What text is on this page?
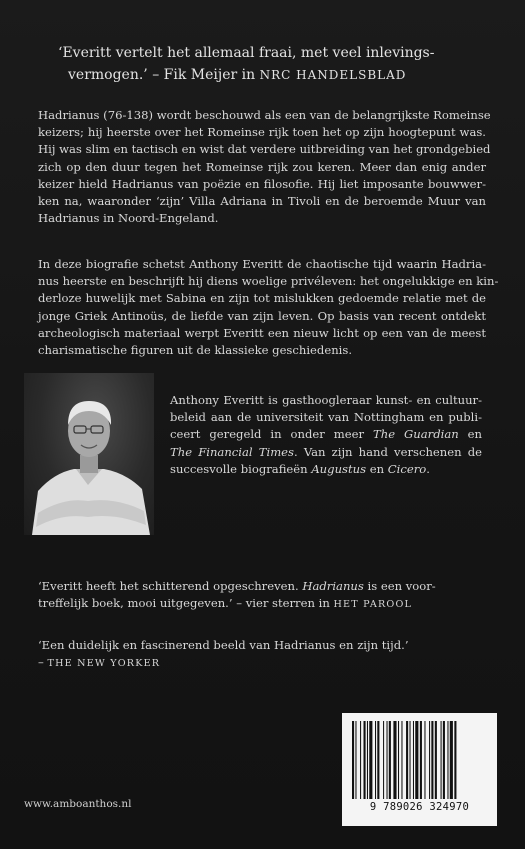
‘Everitt vertelt het allemaal fraai, met veel inlevings-
vermogen.’ – Fik Meijer in NRC HANDELSBLAD
Hadrianus (76-138) wordt beschouwd als een van de belangrijkste Romeinse
keizers; hij heerste over het Romeinse rijk toen het op zijn hoogtepunt was.
Hij was slim en tactisch en wist dat verdere uitbreiding van het grondgebied
zich op den duur tegen het Romeinse rijk zou keren. Meer dan enig ander
keizer hield Hadrianus van poëzie en filosofie. Hij liet imposante bouwwer-
ken na, waaronder ‘zijn’ Villa Adriana in Tivoli en de beroemde Muur van
Hadrianus in Noord-Engeland.
In deze biografie schetst Anthony Everitt de chaotische tijd waarin Hadria-
nus heerste en beschrijft hij diens woelige privéleven: het ongelukkige en kin-
derloze huwelijk met Sabina en zijn tot mislukken gedoemde relatie met de
jonge Griek Antinoüs, de liefde van zijn leven. Op basis van recent ontdekt
archeologisch materiaal werpt Everitt een nieuw licht op een van de meest
charismatische figuren uit de klassieke geschiedenis.
Anthony Everitt is gasthoogleraar kunst- en cultuur-
beleid aan de universiteit van Nottingham en publi-
ceert geregeld in onder meer The Guardian en
The Financial Times. Van zijn hand verschenen de
succesvolle biografieën Augustus en Cicero.
‘Everitt heeft het schitterend opgeschreven. Hadrianus is een voor-
treffelijk boek, mooi uitgegeven.’ – vier sterren in HET PAROOL
‘Een duidelijk en fascinerend beeld van Hadrianus en zijn tijd.’
– THE NEW YORKER
9 789026 324970
www.amboanthos.nl
